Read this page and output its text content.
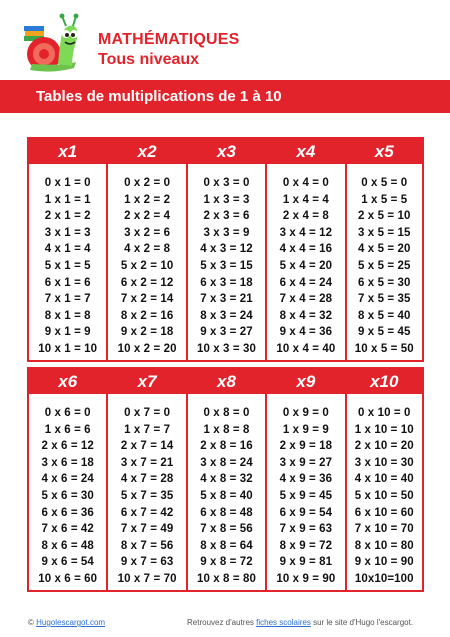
MATHÉMATIQUES
Tous niveaux
Tables de multiplications de 1 à 10
x1
0 x 1 = 0
1 x 1 = 1
2 x 1 = 2
3 x 1 = 3
4 x 1 = 4
5 x 1 = 5
6 x 1 = 6
7 x 1 = 7
8 x 1 = 8
9 x 1 = 9
10 x 1 = 10
x2
0 x 2 = 0
1 x 2 = 2
2 x 2 = 4
3 x 2 = 6
4 x 2 = 8
5 x 2 = 10
6 x 2 = 12
7 x 2 = 14
8 x 2 = 16
9 x 2 = 18
10 x 2 = 20
x3
0 x 3 = 0
1 x 3 = 3
2 x 3 = 6
3 x 3 = 9
4 x 3 = 12
5 x 3 = 15
6 x 3 = 18
7 x 3 = 21
8 x 3 = 24
9 x 3 = 27
10 x 3 = 30
x4
0 x 4 = 0
1 x 4 = 4
2 x 4 = 8
3 x 4 = 12
4 x 4 = 16
5 x 4 = 20
6 x 4 = 24
7 x 4 = 28
8 x 4 = 32
9 x 4 = 36
10 x 4 = 40
x5
0 x 5 = 0
1 x 5 = 5
2 x 5 = 10
3 x 5 = 15
4 x 5 = 20
5 x 5 = 25
6 x 5 = 30
7 x 5 = 35
8 x 5 = 40
9 x 5 = 45
10 x 5 = 50
x6
0 x 6 = 0
1 x 6 = 6
2 x 6 = 12
3 x 6 = 18
4 x 6 = 24
5 x 6 = 30
6 x 6 = 36
7 x 6 = 42
8 x 6 = 48
9 x 6 = 54
10 x 6 = 60
x7
0 x 7 = 0
1 x 7 = 7
2 x 7 = 14
3 x 7 = 21
4 x 7 = 28
5 x 7 = 35
6 x 7 = 42
7 x 7 = 49
8 x 7 = 56
9 x 7 = 63
10 x 7 = 70
x8
0 x 8 = 0
1 x 8 = 8
2 x 8 = 16
3 x 8 = 24
4 x 8 = 32
5 x 8 = 40
6 x 8 = 48
7 x 8 = 56
8 x 8 = 64
9 x 8 = 72
10 x 8 = 80
x9
0 x 9 = 0
1 x 9 = 9
2 x 9 = 18
3 x 9 = 27
4 x 9 = 36
5 x 9 = 45
6 x 9 = 54
7 x 9 = 63
8 x 9 = 72
9 x 9 = 81
10 x 9 = 90
x10
0 x 10 = 0
1 x 10 = 10
2 x 10 = 20
3 x 10 = 30
4 x 10 = 40
5 x 10 = 50
6 x 10 = 60
7 x 10 = 70
8 x 10 = 80
9 x 10 = 90
10x10=100
© Hugolescargot.com	Retrouvez d'autres fiches scolaires sur le site d'Hugo l'escargot.
